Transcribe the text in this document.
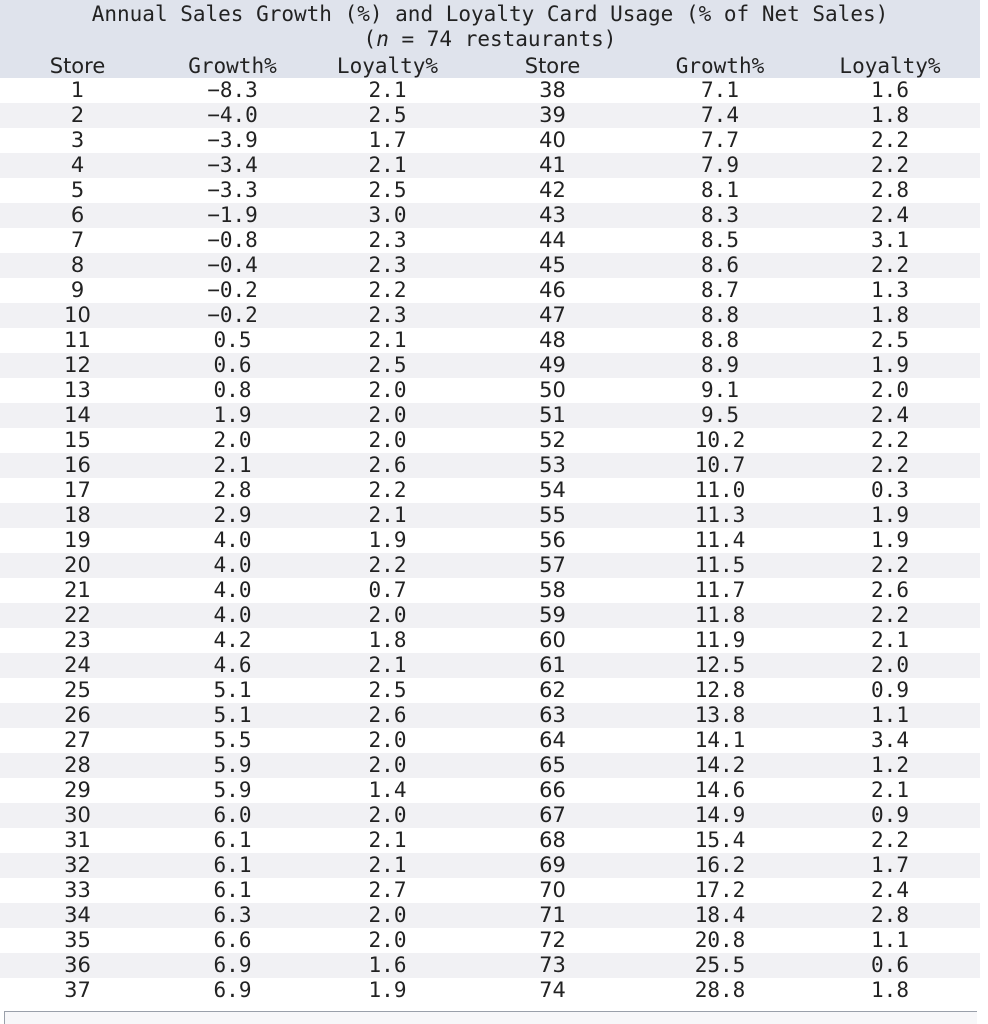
Annual Sales Growth (%) and Loyalty Card Usage (% of Net Sales)
(n = 74 restaurants)
Store	Growth%	Loyalty%	Store	Growth%	Loyalty%
1	−8.3	2.1	38	7.1	1.6
2	−4.0	2.5	39	7.4	1.8
3	−3.9	1.7	40	7.7	2.2
4	−3.4	2.1	41	7.9	2.2
5	−3.3	2.5	42	8.1	2.8
6	−1.9	3.0	43	8.3	2.4
7	−0.8	2.3	44	8.5	3.1
8	−0.4	2.3	45	8.6	2.2
9	−0.2	2.2	46	8.7	1.3
10	−0.2	2.3	47	8.8	1.8
11	0.5	2.1	48	8.8	2.5
12	0.6	2.5	49	8.9	1.9
13	0.8	2.0	50	9.1	2.0
14	1.9	2.0	51	9.5	2.4
15	2.0	2.0	52	10.2	2.2
16	2.1	2.6	53	10.7	2.2
17	2.8	2.2	54	11.0	0.3
18	2.9	2.1	55	11.3	1.9
19	4.0	1.9	56	11.4	1.9
20	4.0	2.2	57	11.5	2.2
21	4.0	0.7	58	11.7	2.6
22	4.0	2.0	59	11.8	2.2
23	4.2	1.8	60	11.9	2.1
24	4.6	2.1	61	12.5	2.0
25	5.1	2.5	62	12.8	0.9
26	5.1	2.6	63	13.8	1.1
27	5.5	2.0	64	14.1	3.4
28	5.9	2.0	65	14.2	1.2
29	5.9	1.4	66	14.6	2.1
30	6.0	2.0	67	14.9	0.9
31	6.1	2.1	68	15.4	2.2
32	6.1	2.1	69	16.2	1.7
33	6.1	2.7	70	17.2	2.4
34	6.3	2.0	71	18.4	2.8
35	6.6	2.0	72	20.8	1.1
36	6.9	1.6	73	25.5	0.6
37	6.9	1.9	74	28.8	1.8
